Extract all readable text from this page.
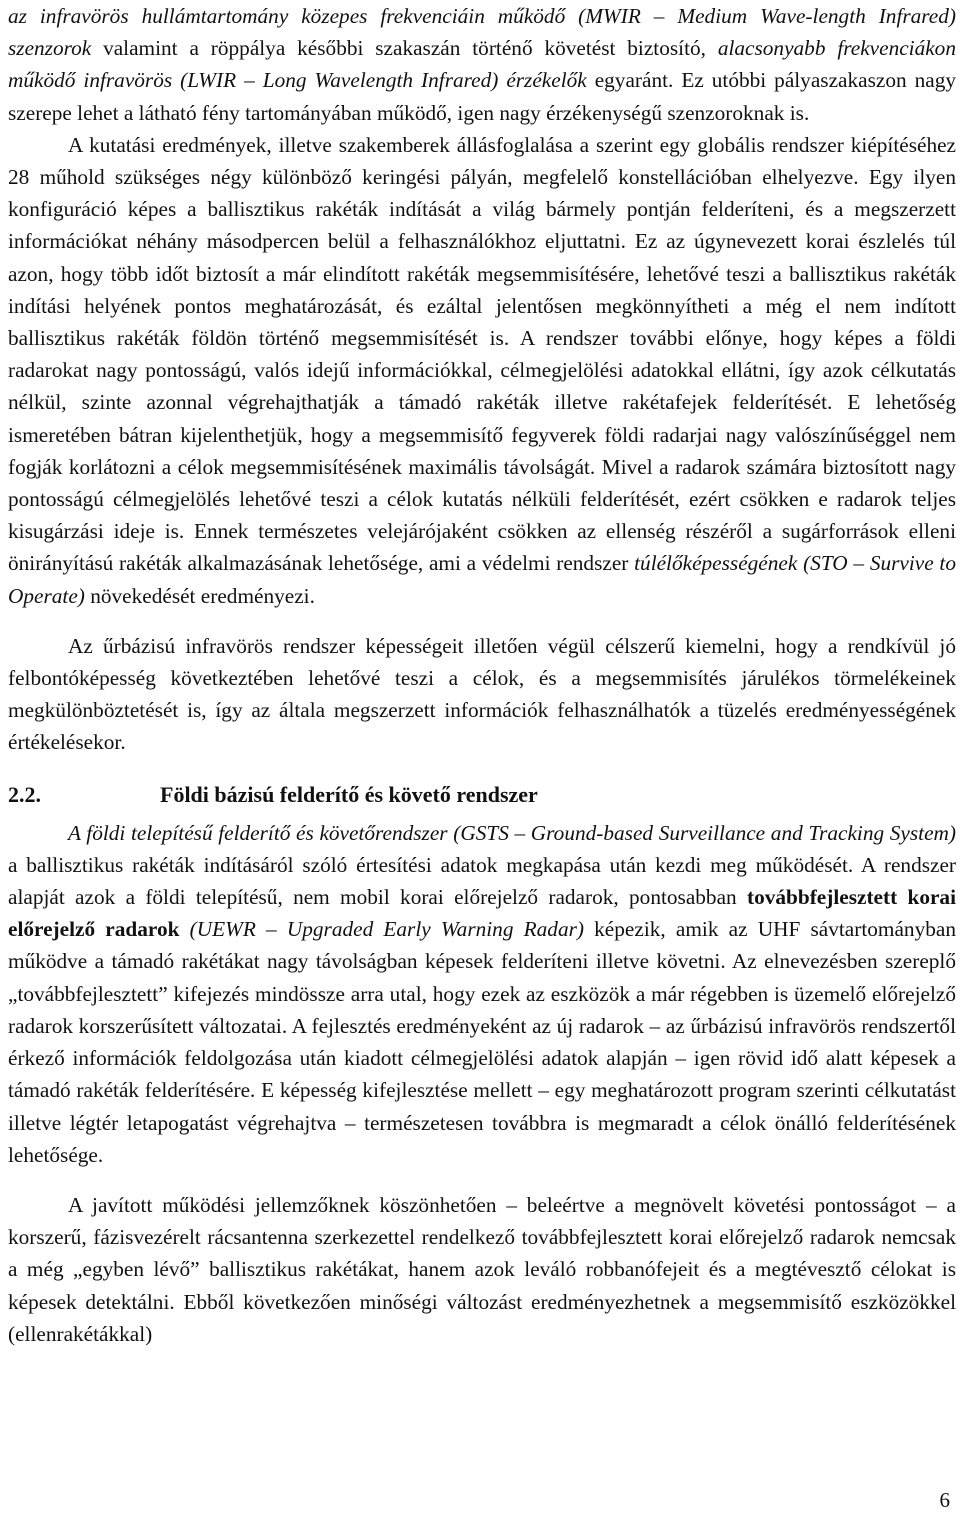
az infravörös hullámtartomány közepes frekvenciáin működő (MWIR – Medium Wave-length Infrared) szenzorok valamint a röppálya későbbi szakaszán történő követést biztosító, alacsonyabb frekvenciákon működő infravörös (LWIR – Long Wavelength Infrared) érzékelők egyaránt. Ez utóbbi pályaszakaszon nagy szerepe lehet a látható fény tartományában működő, igen nagy érzékenységű szenzoroknak is.

A kutatási eredmények, illetve szakemberek állásfoglalása a szerint egy globális rendszer kiépítéséhez 28 műhold szükséges négy különböző keringési pályán, megfelelő konstellációban elhelyezve. Egy ilyen konfiguráció képes a ballisztikus rakéták indítását a világ bármely pontján felderíteni, és a megszerzett információkat néhány másodpercen belül a felhasználókhoz eljuttatni. Ez az úgynevezett korai észlelés túl azon, hogy több időt biztosít a már elindított rakéták megsemmisítésére, lehetővé teszi a ballisztikus rakéták indítási helyének pontos meghatározását, és ezáltal jelentősen megkönnyítheti a még el nem indított ballisztikus rakéták földön történő megsemmisítését is. A rendszer további előnye, hogy képes a földi radarokat nagy pontosságú, valós idejű információkkal, célmegjelölési adatokkal ellátni, így azok célkutatás nélkül, szinte azonnal végrehajthatják a támadó rakéták illetve rakétafejek felderítését. E lehetőség ismeretében bátran kijelenthetjük, hogy a megsemmisítő fegyverek földi radarjai nagy valószínűséggel nem fogják korlátozni a célok megsemmisítésének maximális távolságát. Mivel a radarok számára biztosított nagy pontosságú célmegjelölés lehetővé teszi a célok kutatás nélküli felderítését, ezért csökken e radarok teljes kisugárzási ideje is. Ennek természetes velejárójaként csökken az ellenség részéről a sugárforrások elleni önirányítású rakéták alkalmazásának lehetősége, ami a védelmi rendszer túlélőképességének (STO – Survive to Operate) növekedését eredményezi.

Az űrbázisú infravörös rendszer képességeit illetően végül célszerű kiemelni, hogy a rendkívül jó felbontóképesség következtében lehetővé teszi a célok, és a megsemmisítés járulékos törmelékeinek megkülönböztetését is, így az általa megszerzett információk felhasználhatók a tüzelés eredményességének értékelésekor.

2.2.	Földi bázisú felderítő és követő rendszer

A földi telepítésű felderítő és követőrendszer (GSTS – Ground-based Surveillance and Tracking System) a ballisztikus rakéták indításáról szóló értesítési adatok megkapása után kezdi meg működését. A rendszer alapját azok a földi telepítésű, nem mobil korai előrejelző radarok, pontosabban továbbfejlesztett korai előrejelző radarok (UEWR – Upgraded Early Warning Radar) képezik, amik az UHF sávtartományban működve a támadó rakétákat nagy távolságban képesek felderíteni illetve követni. Az elnevezésben szereplő „továbbfejlesztett” kifejezés mindössze arra utal, hogy ezek az eszközök a már régebben is üzemelő előrejelző radarok korszerűsített változatai. A fejlesztés eredményeként az új radarok – az űrbázisú infravörös rendszertől érkező információk feldolgozása után kiadott célmegjelölési adatok alapján – igen rövid idő alatt képesek a támadó rakéták felderítésére. E képesség kifejlesztése mellett – egy meghatározott program szerinti célkutatást illetve légtér letapogatást végrehajtva – természetesen továbbra is megmaradt a célok önálló felderítésének lehetősége.

A javított működési jellemzőknek köszönhetően – beleértve a megnövelt követési pontosságot – a korszerű, fázisvezérelt rácsantenna szerkezettel rendelkező továbbfejlesztett korai előrejelző radarok nemcsak a még „egyben lévő” ballisztikus rakétákat, hanem azok leváló robbanófejeit és a megtévesztő célokat is képesek detektálni. Ebből következően minőségi változást eredményezhetnek a megsemmisítő eszközökkel (ellenrakétákkal)

6
